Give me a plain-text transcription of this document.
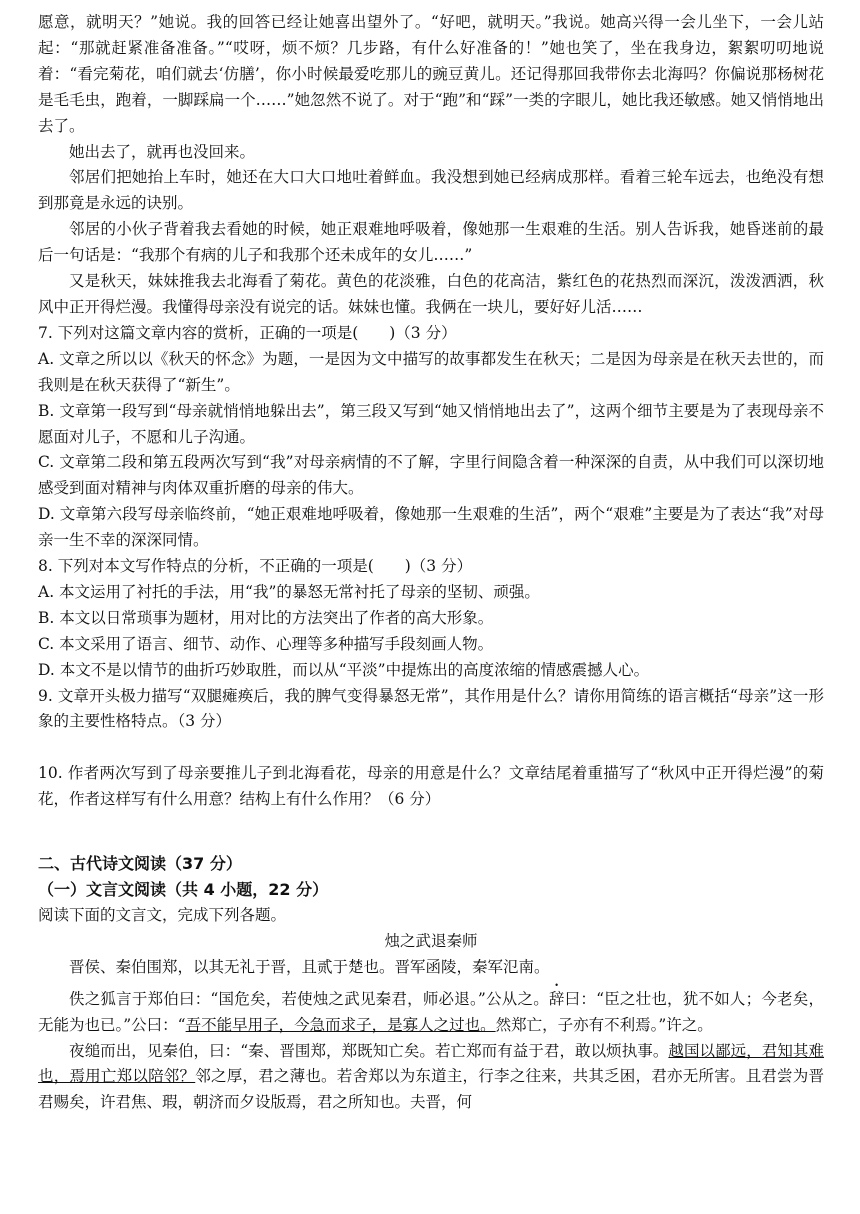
愿意，就明天？”她说。我的回答已经让她喜出望外了。“好吧，就明天。”我说。她高兴得一会儿坐下，一会儿站起：“那就赶紧准备准备。”“哎呀，烦不烦？几步路，有什么好准备的！”她也笑了，坐在我身边，絮絮叨叨地说着：“看完菊花，咱们就去‘仿膳’，你小时候最爱吃那儿的豌豆黄儿。还记得那回我带你去北海吗？你偏说那杨树花是毛毛虫，跑着，一脚踩扁一个……”她忽然不说了。对于“跑”和“踩”一类的字眼儿，她比我还敏感。她又悄悄地出去了。

她出去了，就再也没回来。

邻居们把她抬上车时，她还在大口大口地吐着鲜血。我没想到她已经病成那样。看着三轮车远去，也绝没有想到那竟是永远的诀别。

邻居的小伙子背着我去看她的时候，她正艰难地呼吸着，像她那一生艰难的生活。别人告诉我，她昏迷前的最后一句话是：“我那个有病的儿子和我那个还未成年的女儿……”

又是秋天，妹妹推我去北海看了菊花。黄色的花淡雅，白色的花高洁，紫红色的花热烈而深沉，泼泼洒洒，秋风中正开得烂漫。我懂得母亲没有说完的话。妹妹也懂。我俩在一块儿，要好好儿活……

7. 下列对这篇文章内容的赏析，正确的一项是(　　)（3 分）

A. 文章之所以以《秋天的怀念》为题，一是因为文中描写的故事都发生在秋天；二是因为母亲是在秋天去世的，而我则是在秋天获得了“新生”。

B. 文章第一段写到“母亲就悄悄地躲出去”，第三段又写到“她又悄悄地出去了”，这两个细节主要是为了表现母亲不愿面对儿子，不愿和儿子沟通。

C. 文章第二段和第五段两次写到“我”对母亲病情的不了解，字里行间隐含着一种深深的自责，从中我们可以深切地感受到面对精神与肉体双重折磨的母亲的伟大。

D. 文章第六段写母亲临终前，“她正艰难地呼吸着，像她那一生艰难的生活”，两个“艰难”主要是为了表达“我”对母亲一生不幸的深深同情。

8. 下列对本文写作特点的分析，不正确的一项是(　　)（3 分）

A. 本文运用了衬托的手法，用“我”的暴怒无常衬托了母亲的坚韧、顽强。

B. 本文以日常琐事为题材，用对比的方法突出了作者的高大形象。

C. 本文采用了语言、细节、动作、心理等多种描写手段刻画人物。

D. 本文不是以情节的曲折巧妙取胜，而以从“平淡”中提炼出的高度浓缩的情感震撼人心。

9. 文章开头极力描写“双腿瘫痪后，我的脾气变得暴怒无常”，其作用是什么？请你用简练的语言概括“母亲”这一形象的主要性格特点。（3 分）

10. 作者两次写到了母亲要推儿子到北海看花，母亲的用意是什么？文章结尾着重描写了“秋风中正开得烂漫”的菊花，作者这样写有什么用意？结构上有什么作用？（6 分）

二、古代诗文阅读（37 分）

（一）文言文阅读（共 4 小题，22 分）

阅读下面的文言文，完成下列各题。

烛之武退秦师

晋侯、秦伯围郑，以其无礼于晋，且贰于楚也。晋军函陵，秦军氾南。

佚之狐言于郑伯曰：“国危矣，若使烛之武见秦君，师必退。”公从之。辞曰：“臣之壮也，犹不如人；今老矣，无能为也已。”公曰：“吾不能早用子，今急而求子，是寡人之过也。然郑亡，子亦有不利焉。”许之。

夜缒而出，见秦伯，曰：“秦、晋围郑，郑既知亡矣。若亡郑而有益于君，敢以烦执事。越国以鄙远，君知其难也，焉用亡郑以陪邻？邻之厚，君之薄也。若舍郑以为东道主，行李之往来，共其乏困，君亦无所害。且君尝为晋君赐矣，许君焦、瑕，朝济而夕设版焉，君之所知也。夫晋，何
